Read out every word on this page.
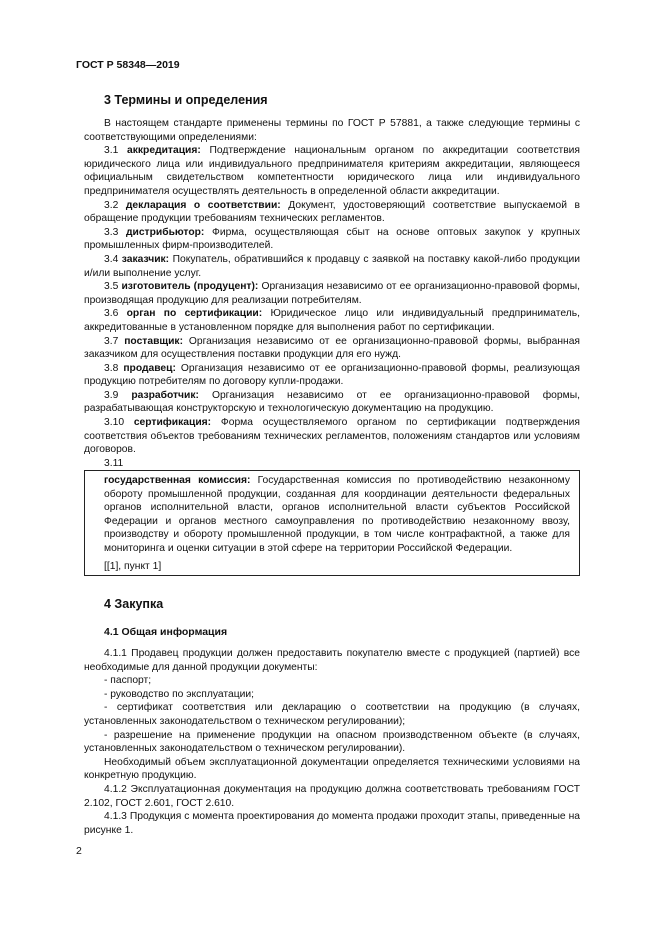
ГОСТ Р 58348—2019

3 Термины и определения

В настоящем стандарте применены термины по ГОСТ Р 57881, а также следующие термины с соответствующими определениями:

3.1 аккредитация: Подтверждение национальным органом по аккредитации соответствия юридического лица или индивидуального предпринимателя критериям аккредитации, являющееся официальным свидетельством компетентности юридического лица или индивидуального предпринимателя осуществлять деятельность в определенной области аккредитации.

3.2 декларация о соответствии: Документ, удостоверяющий соответствие выпускаемой в обращение продукции требованиям технических регламентов.

3.3 дистрибьютор: Фирма, осуществляющая сбыт на основе оптовых закупок у крупных промышленных фирм-производителей.

3.4 заказчик: Покупатель, обратившийся к продавцу с заявкой на поставку какой-либо продукции и/или выполнение услуг.

3.5 изготовитель (продуцент): Организация независимо от ее организационно-правовой формы, производящая продукцию для реализации потребителям.

3.6 орган по сертификации: Юридическое лицо или индивидуальный предприниматель, аккредитованные в установленном порядке для выполнения работ по сертификации.

3.7 поставщик: Организация независимо от ее организационно-правовой формы, выбранная заказчиком для осуществления поставки продукции для его нужд.

3.8 продавец: Организация независимо от ее организационно-правовой формы, реализующая продукцию потребителям по договору купли-продажи.

3.9 разработчик: Организация независимо от ее организационно-правовой формы, разрабатывающая конструкторскую и технологическую документацию на продукцию.

3.10 сертификация: Форма осуществляемого органом по сертификации подтверждения соответствия объектов требованиям технических регламентов, положениям стандартов или условиям договоров.

3.11

государственная комиссия: Государственная комиссия по противодействию незаконному обороту промышленной продукции, созданная для координации деятельности федеральных органов исполнительной власти, органов исполнительной власти субъектов Российской Федерации и органов местного самоуправления по противодействию незаконному ввозу, производству и обороту промышленной продукции, в том числе контрафактной, а также для мониторинга и оценки ситуации в этой сфере на территории Российской Федерации.

[[1], пункт 1]

4 Закупка
4.1 Общая информация

4.1.1 Продавец продукции должен предоставить покупателю вместе с продукцией (партией) все необходимые для данной продукции документы:

- паспорт;

- руководство по эксплуатации;

- сертификат соответствия или декларацию о соответствии на продукцию (в случаях, установленных законодательством о техническом регулировании);

- разрешение на применение продукции на опасном производственном объекте (в случаях, установленных законодательством о техническом регулировании).

Необходимый объем эксплуатационной документации определяется техническими условиями на конкретную продукцию.

4.1.2 Эксплуатационная документация на продукцию должна соответствовать требованиям ГОСТ 2.102, ГОСТ 2.601, ГОСТ 2.610.

4.1.3 Продукция с момента проектирования до момента продажи проходит этапы, приведенные на рисунке 1.

2
